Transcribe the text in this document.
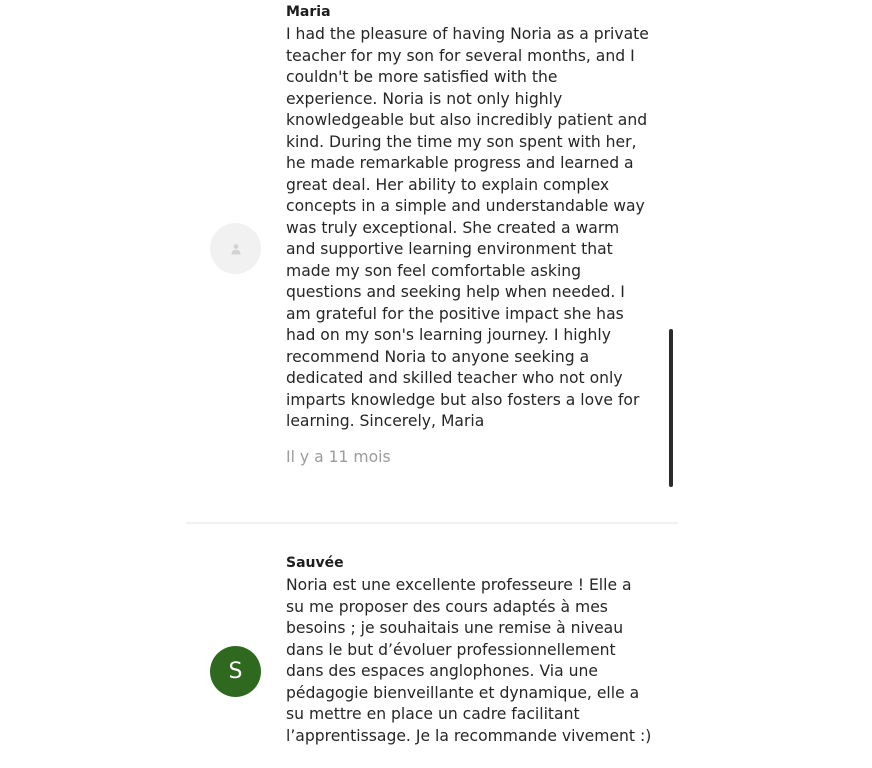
Maria

I had the pleasure of having Noria as a private teacher for my son for several months, and I couldn't be more satisfied with the experience. Noria is not only highly knowledgeable but also incredibly patient and kind. During the time my son spent with her, he made remarkable progress and learned a great deal. Her ability to explain complex concepts in a simple and understandable way was truly exceptional. She created a warm and supportive learning environment that made my son feel comfortable asking questions and seeking help when needed. I am grateful for the positive impact she has had on my son's learning journey. I highly recommend Noria to anyone seeking a dedicated and skilled teacher who not only imparts knowledge but also fosters a love for learning. Sincerely, Maria

Il y a 11 mois
S

Sauvée

Noria est une excellente professeure ! Elle a su me proposer des cours adaptés à mes besoins ; je souhaitais une remise à niveau dans le but d’évoluer professionnellement dans des espaces anglophones. Via une pédagogie bienveillante et dynamique, elle a su mettre en place un cadre facilitant l’apprentissage. Je la recommande vivement :)
